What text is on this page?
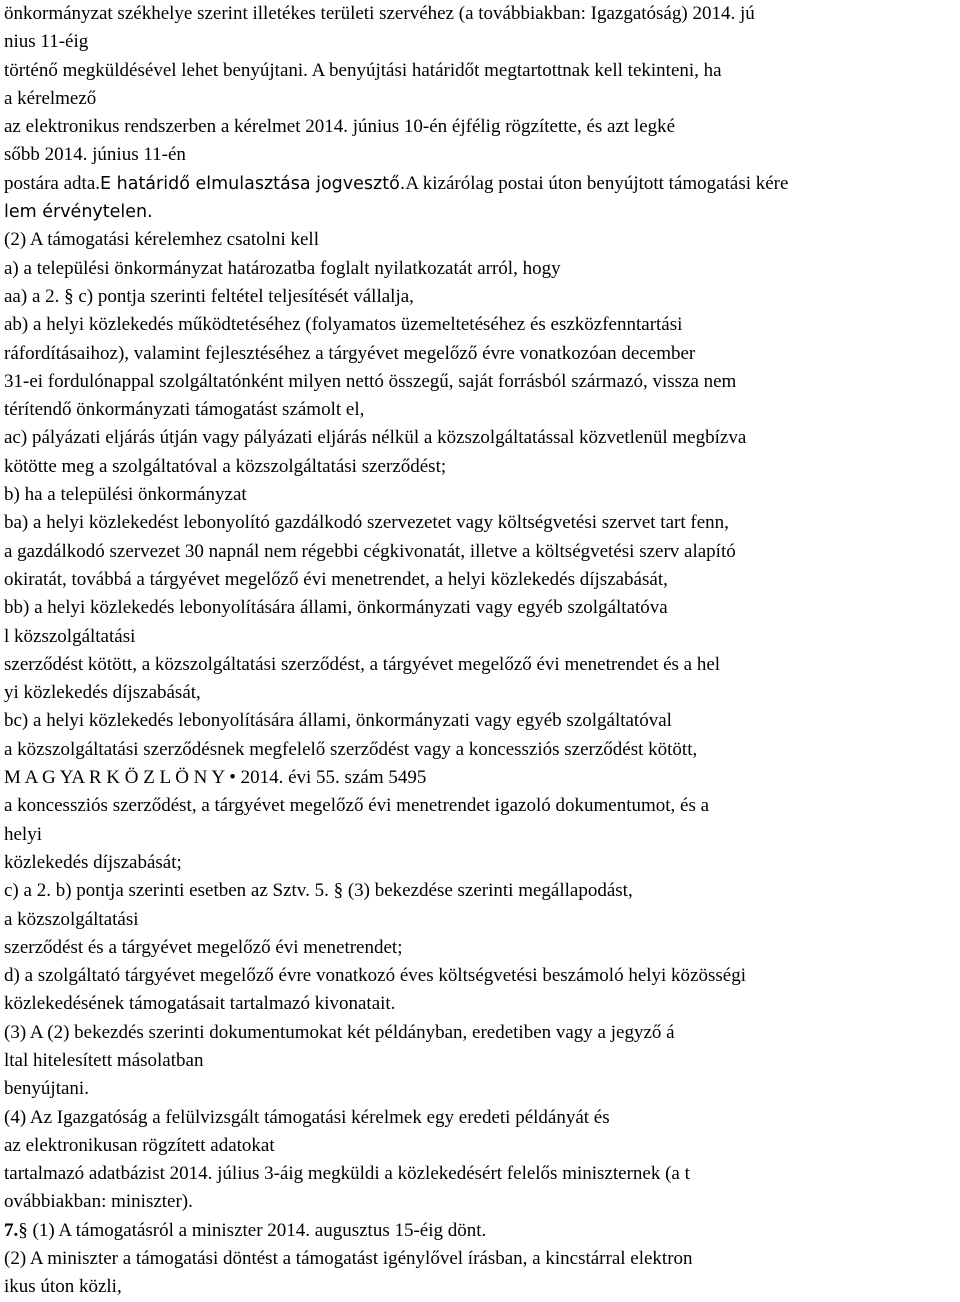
önkormányzat székhelye szerint illetékes területi szervéhez (a továbbiakban: Igazgatóság) 2014. jú
nius 11-éig
történő megküldésével lehet benyújtani. A benyújtási határidőt megtartottnak kell tekinteni, ha
a kérelmező
az elektronikus rendszerben a kérelmet 2014. június 10-én éjfélig rögzítette, és azt legké
sőbb 2014. június 11-én
postára adta.E határidő elmulasztása jogvesztő.A kizárólag postai úton benyújtott támogatási kére
lem érvénytelen.
(2) A támogatási kérelemhez csatolni kell
a) a települési önkormányzat határozatba foglalt nyilatkozatát arról, hogy
aa) a 2. § c) pontja szerinti feltétel teljesítését vállalja,
ab) a helyi közlekedés működtetéséhez (folyamatos üzemeltetéséhez és eszközfenntartási
ráfordításaihoz), valamint fejlesztéséhez a tárgyévet megelőző évre vonatkozóan december
31-ei fordulónappal szolgáltatónként milyen nettó összegű, saját forrásból származó, vissza nem
térítendő önkormányzati támogatást számolt el,
ac) pályázati eljárás útján vagy pályázati eljárás nélkül a közszolgáltatással közvetlenül megbízva
kötötte meg a szolgáltatóval a közszolgáltatási szerződést;
b) ha a települési önkormányzat
ba) a helyi közlekedést lebonyolító gazdálkodó szervezetet vagy költségvetési szervet tart fenn,
a gazdálkodó szervezet 30 napnál nem régebbi cégkivonatát, illetve a költségvetési szerv alapító
okiratát, továbbá a tárgyévet megelőző évi menetrendet, a helyi közlekedés díjszabását,
bb) a helyi közlekedés lebonyolítására állami, önkormányzati vagy egyéb szolgáltatóva
l közszolgáltatási
szerződést kötött, a közszolgáltatási szerződést, a tárgyévet megelőző évi menetrendet és a hel
yi közlekedés díjszabását,
bc) a helyi közlekedés lebonyolítására állami, önkormányzati vagy egyéb szolgáltatóval
a közszolgáltatási szerződésnek megfelelő szerződést vagy a koncessziós szerződést kötött,
M A G YA R K Ö Z L Ö N Y • 2014. évi 55. szám 5495
a koncessziós szerződést, a tárgyévet megelőző évi menetrendet igazoló dokumentumot, és a
helyi
közlekedés díjszabását;
c) a 2. b) pontja szerinti esetben az Sztv. 5. § (3) bekezdése szerinti megállapodást,
a közszolgáltatási
szerződést és a tárgyévet megelőző évi menetrendet;
d) a szolgáltató tárgyévet megelőző évre vonatkozó éves költségvetési beszámoló helyi közösségi
közlekedésének támogatásait tartalmazó kivonatait.
(3) A (2) bekezdés szerinti dokumentumokat két példányban, eredetiben vagy a jegyző á
ltal hitelesített másolatban
benyújtani.
(4) Az Igazgatóság a felülvizsgált támogatási kérelmek egy eredeti példányát és
az elektronikusan rögzített adatokat
tartalmazó adatbázist 2014. július 3-áig megküldi a közlekedésért felelős miniszternek (a t
ovábbiakban: miniszter).
7.§ (1) A támogatásról a miniszter 2014. augusztus 15-éig dönt.
(2) A miniszter a támogatási döntést a támogatást igénylővel írásban, a kincstárral elektron
ikus úton közli,
